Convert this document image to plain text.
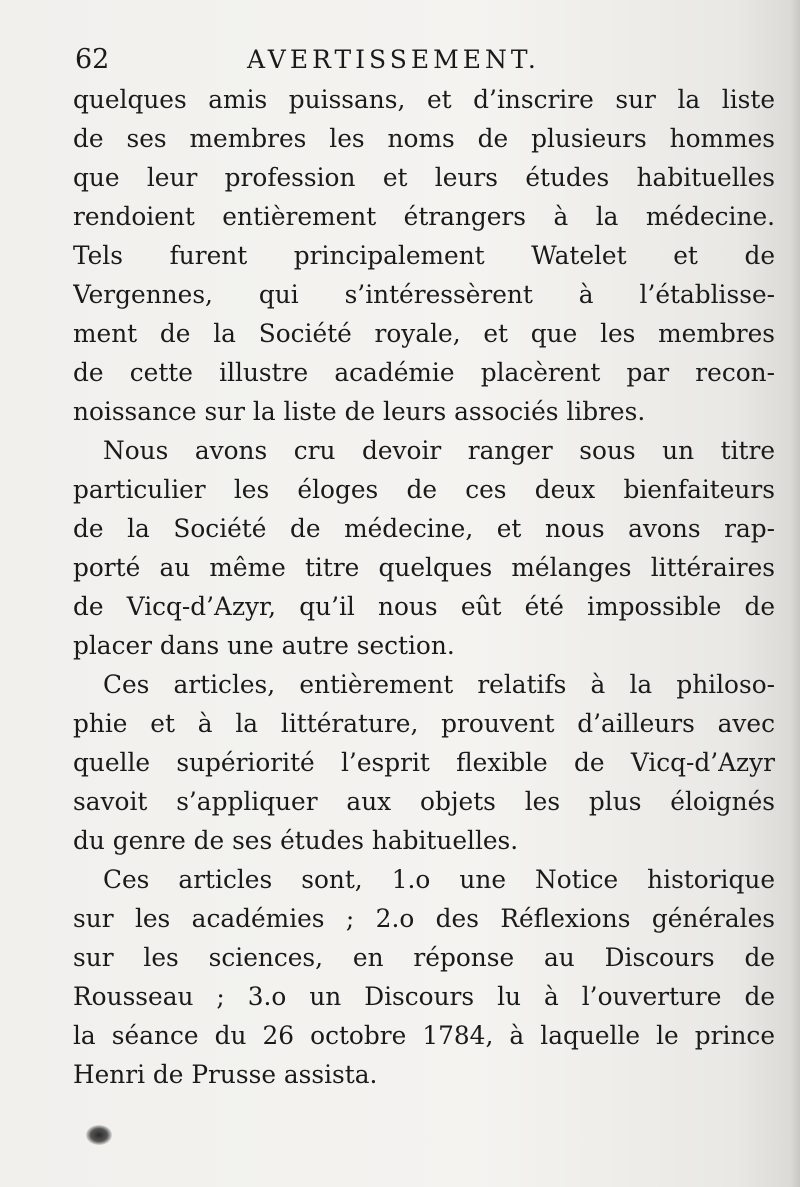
62	AVERTISSEMENT.
quelques amis puissans, et d’inscrire sur la liste
de ses membres les noms de plusieurs hommes
que leur profession et leurs études habituelles
rendoient entièrement étrangers à la médecine.
Tels furent principalement Watelet et de
Vergennes, qui s’intéressèrent à l’établisse-
ment de la Société royale, et que les membres
de cette illustre académie placèrent par recon-
noissance sur la liste de leurs associés libres.
Nous avons cru devoir ranger sous un titre
particulier les éloges de ces deux bienfaiteurs
de la Société de médecine, et nous avons rap-
porté au même titre quelques mélanges littéraires
de Vicq-d’Azyr, qu’il nous eût été impossible de
placer dans une autre section.
Ces articles, entièrement relatifs à la philoso-
phie et à la littérature, prouvent d’ailleurs avec
quelle supériorité l’esprit flexible de Vicq-d’Azyr
savoit s’appliquer aux objets les plus éloignés
du genre de ses études habituelles.
Ces articles sont, 1.o une Notice historique
sur les académies ; 2.o des Réflexions générales
sur les sciences, en réponse au Discours de
Rousseau ; 3.o un Discours lu à l’ouverture de
la séance du 26 octobre 1784, à laquelle le prince
Henri de Prusse assista.
